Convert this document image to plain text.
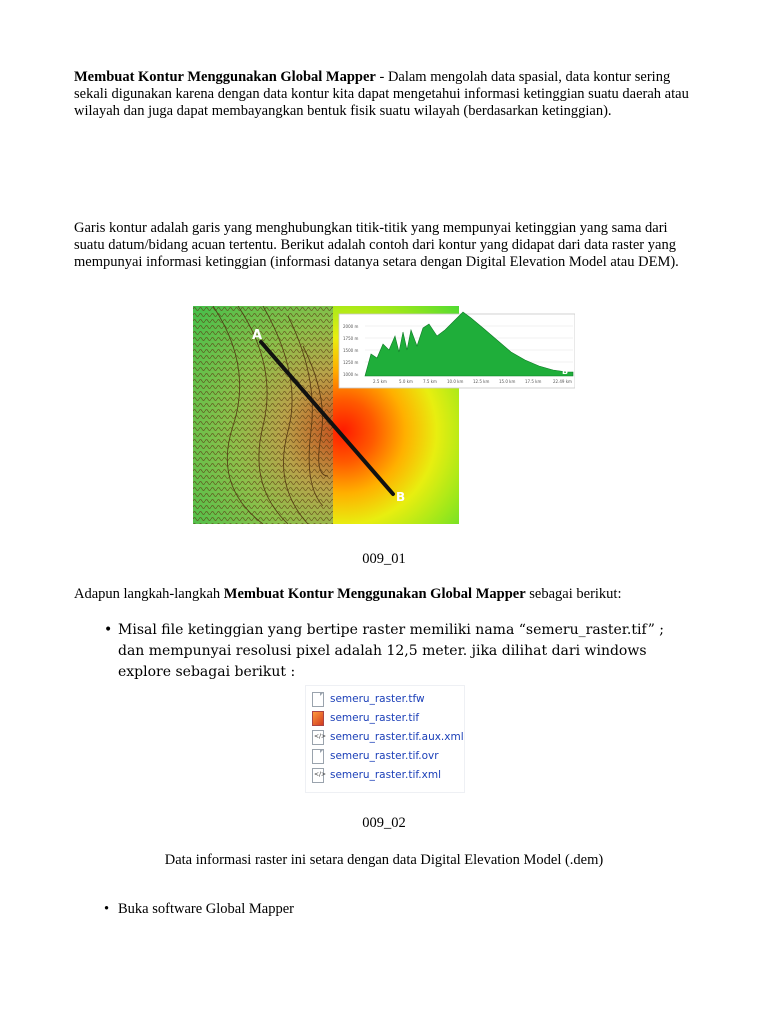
Membuat Kontur Menggunakan Global Mapper - Dalam mengolah data spasial, data kontur sering sekali digunakan karena dengan data kontur kita dapat mengetahui informasi ketinggian suatu daerah atau wilayah dan juga dapat membayangkan bentuk fisik suatu wilayah (berdasarkan ketinggian).

Garis kontur adalah garis yang menghubungkan titik-titik yang mempunyai ketinggian yang sama dari suatu datum/bidang acuan tertentu. Berikut adalah contoh dari kontur yang didapat dari data raster yang mempunyai informasi ketinggian (informasi datanya setara dengan Digital Elevation Model atau DEM).

2000 m
1750 m
1500 m
1250 m
1000 m
2.5 km	5.0 km	7.5 km	10.0 km 12.5 km 15.0 km 17.5 km	22.49 km
A	B
A
B

009_01

Adapun langkah-langkah Membuat Kontur Menggunakan Global Mapper sebagai berikut:

• Misal file ketinggian yang bertipe raster memiliki nama “semeru_raster.tif” ; dan mempunyai resolusi pixel adalah 12,5 meter. jika dilihat dari windows explore sebagai berikut :
semeru_raster.tfw
semeru_raster.tif
</> semeru_raster.tif.aux.xml
semeru_raster.tif.ovr
</> semeru_raster.tif.xml

009_02

Data informasi raster ini setara dengan data Digital Elevation Model (.dem)

• Buka software Global Mapper
